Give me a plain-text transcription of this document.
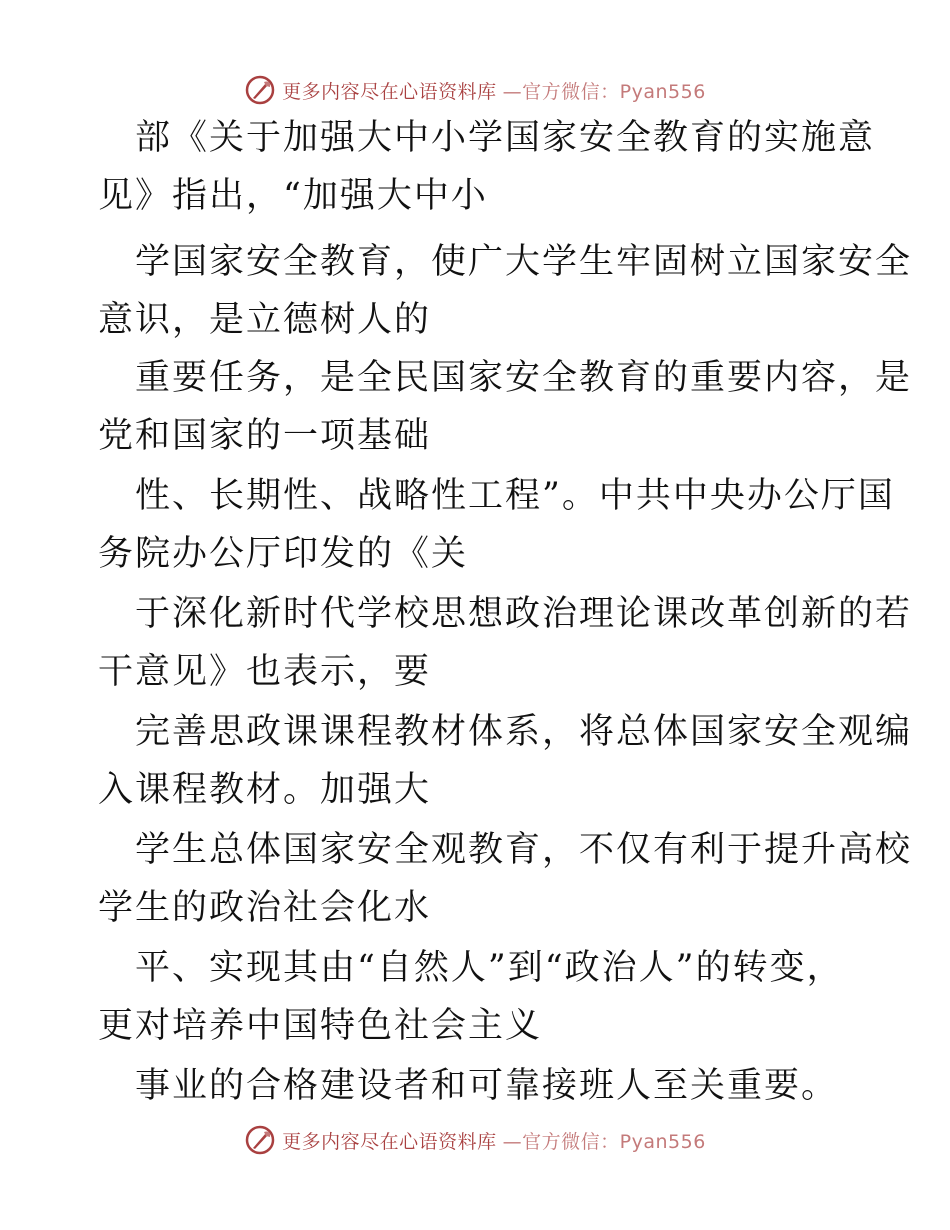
更多内容尽在心语资料库 —官方微信：Pyan556
部《关于加强大中小学国家安全教育的实施意
见》指出，“加强大中小
学国家安全教育，使广大学生牢固树立国家安全
意识，是立德树人的
重要任务，是全民国家安全教育的重要内容，是
党和国家的一项基础
性、长期性、战略性工程”。中共中央办公厅国
务院办公厅印发的《关
于深化新时代学校思想政治理论课改革创新的若
干意见》也表示，要
完善思政课课程教材体系，将总体国家安全观编
入课程教材。加强大
学生总体国家安全观教育，不仅有利于提升高校
学生的政治社会化水
平、实现其由“自然人”到“政治人”的转变，
更对培养中国特色社会主义
事业的合格建设者和可靠接班人至关重要。
更多内容尽在心语资料库 —官方微信：Pyan556
